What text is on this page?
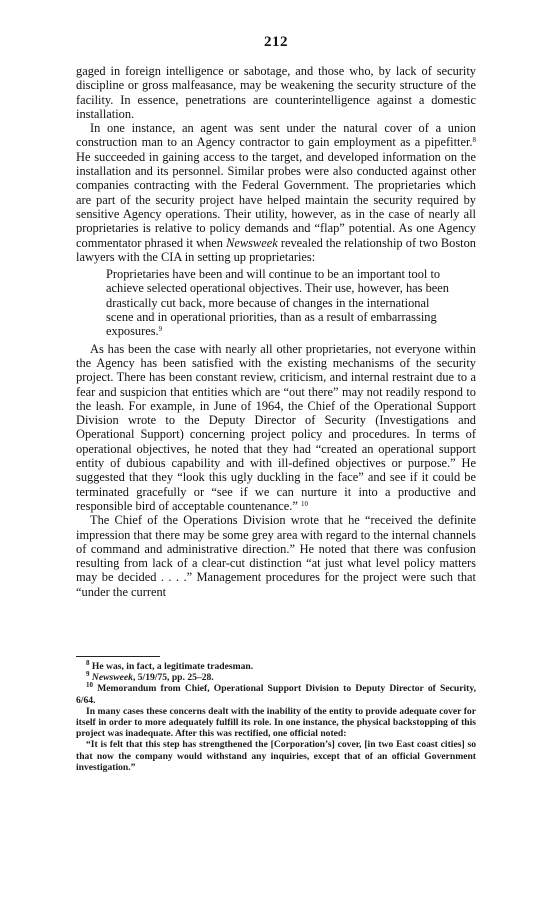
212

gaged in foreign intelligence or sabotage, and those who, by lack of security discipline or gross malfeasance, may be weakening the security structure of the facility. In essence, penetrations are counterintelligence against a domestic installation.

In one instance, an agent was sent under the natural cover of a union construction man to an Agency contractor to gain employment as a pipefitter.$^8$ He succeeded in gaining access to the target, and developed information on the installation and its personnel. Similar probes were also conducted against other companies contracting with the Federal Government. The proprietaries which are part of the security project have helped maintain the security required by sensitive Agency operations. Their utility, however, as in the case of nearly all proprietaries is relative to policy demands and “flap” potential. As one Agency commentator phrased it when Newsweek revealed the relationship of two Boston lawyers with the CIA in setting up proprietaries:

Proprietaries have been and will continue to be an important tool to achieve selected operational objectives. Their use, however, has been drastically cut back, more because of changes in the international scene and in operational priorities, than as a result of embarrassing exposures.$^9$

As has been the case with nearly all other proprietaries, not everyone within the Agency has been satisfied with the existing mechanisms of the security project. There has been constant review, criticism, and internal restraint due to a fear and suspicion that entities which are “out there” may not readily respond to the leash. For example, in June of 1964, the Chief of the Operational Support Division wrote to the Deputy Director of Security (Investigations and Operational Support) concerning project policy and procedures. In terms of operational objectives, he noted that they had “created an operational support entity of dubious capability and with ill-defined objectives or purpose.” He suggested that they “look this ugly duckling in the face” and see if it could be terminated gracefully or “see if we can nurture it into a productive and responsible bird of acceptable countenance.” $^{10}$

The Chief of the Operations Division wrote that he “received the definite impression that there may be some grey area with regard to the internal channels of command and administrative direction.” He noted that there was confusion resulting from lack of a clear-cut distinction “at just what level policy matters may be decided . . . .” Management procedures for the project were such that “under the current

$^8$ He was, in fact, a legitimate tradesman.

$^9$ Newsweek, 5/19/75, pp. 25–28.

$^{10}$ Memorandum from Chief, Operational Support Division to Deputy Director of Security, 6/64.

In many cases these concerns dealt with the inability of the entity to provide adequate cover for itself in order to more adequately fulfill its role. In one instance, the physical backstopping of this project was inadequate. After this was rectified, one official noted:

“It is felt that this step has strengthened the [Corporation’s] cover, [in two East coast cities] so that now the company would withstand any inquiries, except that of an official Government investigation.”
